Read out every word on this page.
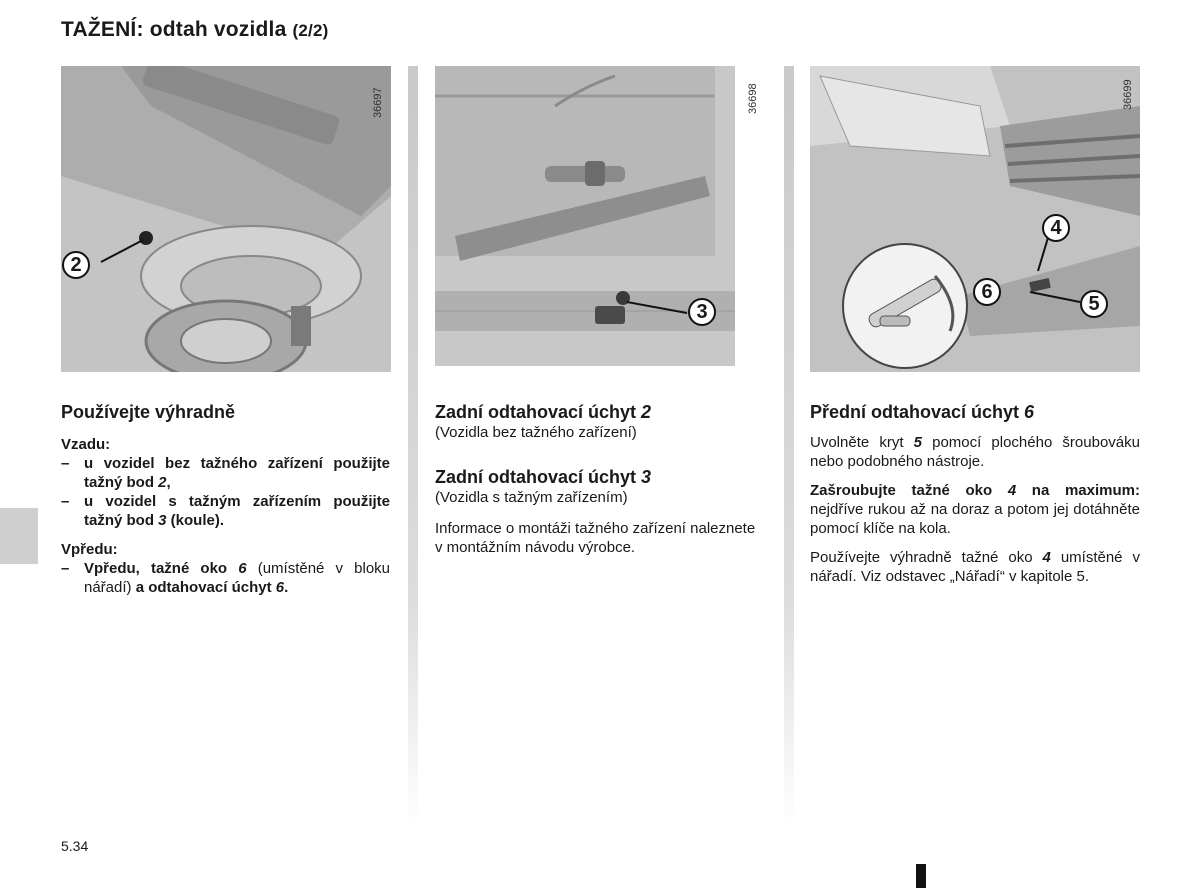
TAŽENÍ: odtah vozidla (2/2)
2
36697
3
36698
4
6
5
36699

Používejte výhradně

Vzadu:

– u vozidel bez tažného zařízení použijte tažný bod 2,
– u vozidel s tažným zařízením použijte tažný bod 3 (koule).

Vpředu:

– Vpředu, tažné oko 6 (umístěné v bloku nářadí) a odtahovací úchyt 6.

Zadní odtahovací úchyt 2

(Vozidla bez tažného zařízení)

Zadní odtahovací úchyt 3

(Vozidla s tažným zařízením)

Informace o montáži tažného zařízení naleznete v montážním návodu výrobce.

Přední odtahovací úchyt 6

Uvolněte kryt 5 pomocí plochého šroubováku nebo podobného nástroje.

Zašroubujte tažné oko 4 na maximum: nejdříve rukou až na doraz a potom jej dotáhněte pomocí klíče na kola.

Používejte výhradně tažné oko 4 umístěné v nářadí. Viz odstavec „Nářadí“ v kapitole 5.

5.34
